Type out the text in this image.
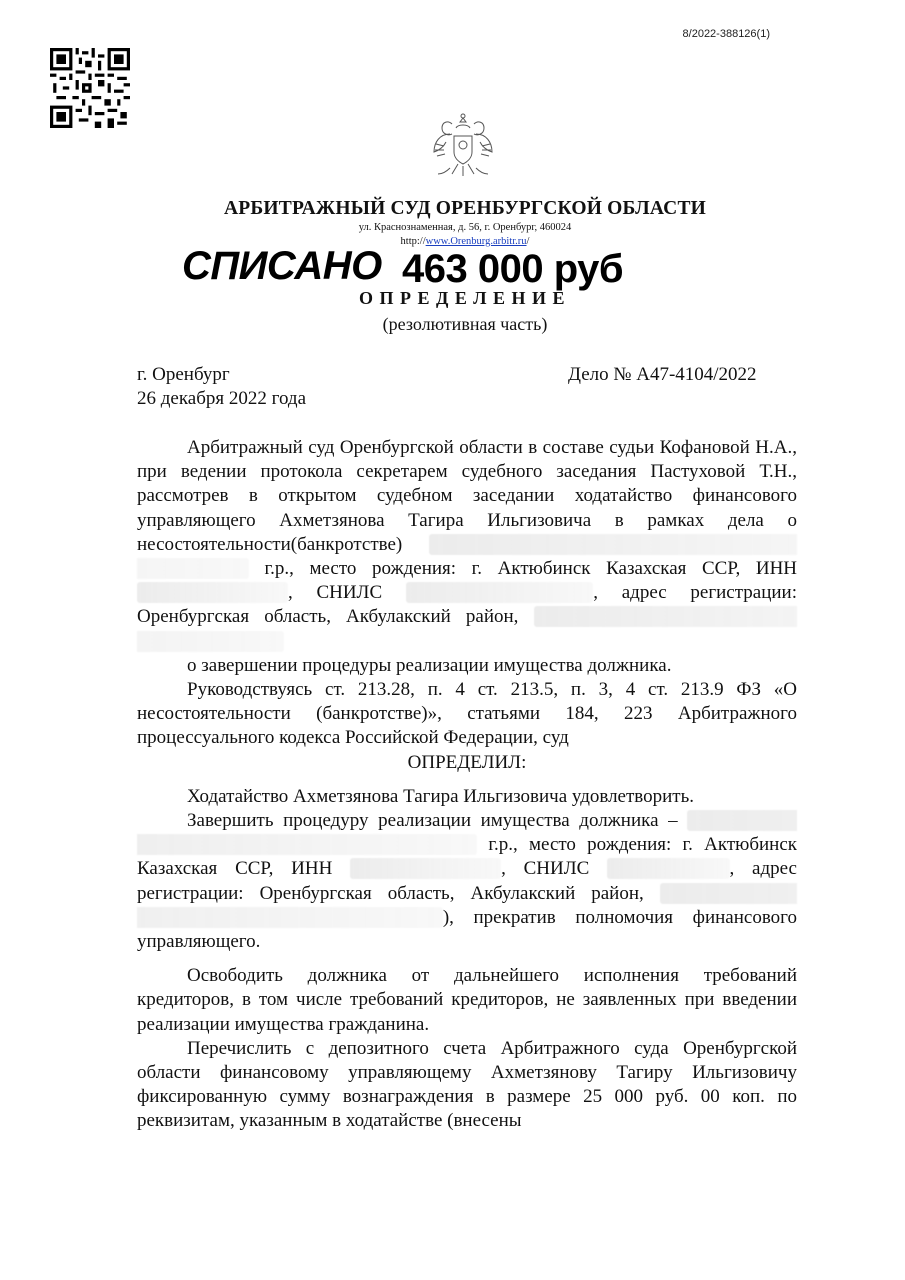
8/2022-388126(1)
АРБИТРАЖНЫЙ СУД ОРЕНБУРГСКОЙ ОБЛАСТИ
ул. Краснознаменная, д. 56, г. Оренбург, 460024
http://www.Orenburg.arbitr.ru/
СПИСАНО 463 000 руб
ОПРЕДЕЛЕНИЕ
(резолютивная часть)
г. Оренбург
26 декабря 2022 года
Дело № А47-4104/2022

Арбитражный суд Оренбургской области в составе судьи Кофановой Н.А., при ведении протокола секретарем судебного заседания Пастуховой Т.Н., рассмотрев в открытом судебном заседании ходатайство финансового управляющего Ахметзянова Тагира Ильгизовича в рамках дела о несостоятельности(банкротстве) г.р., место рождения: г. Актюбинск Казахская ССР, ИНН , СНИЛС	, адрес регистрации: Оренбургская область, Акбулакский район,

о завершении процедуры реализации имущества должника.

Руководствуясь ст. 213.28, п. 4 ст. 213.5, п. 3, 4 ст. 213.9 ФЗ «О несостоятельности (банкротстве)», статьями 184, 223 Арбитражного процессуального кодекса Российской Федерации, суд

ОПРЕДЕЛИЛ:

Ходатайство Ахметзянова Тагира Ильгизовича удовлетворить.

Завершить процедуру реализации имущества должника – г.р., место рождения: г. Актюбинск Казахская ССР, ИНН	, СНИЛС	, адрес регистрации: Оренбургская область, Акбулакский район, ), прекратив полномочия финансового управляющего.

Освободить должника от дальнейшего исполнения требований кредиторов, в том числе требований кредиторов, не заявленных при введении реализации имущества гражданина.

Перечислить с депозитного счета Арбитражного суда Оренбургской области финансовому управляющему Ахметзянову Тагиру Ильгизовичу фиксированную сумму вознаграждения в размере 25 000 руб. 00 коп. по реквизитам, указанным в ходатайстве (внесены
